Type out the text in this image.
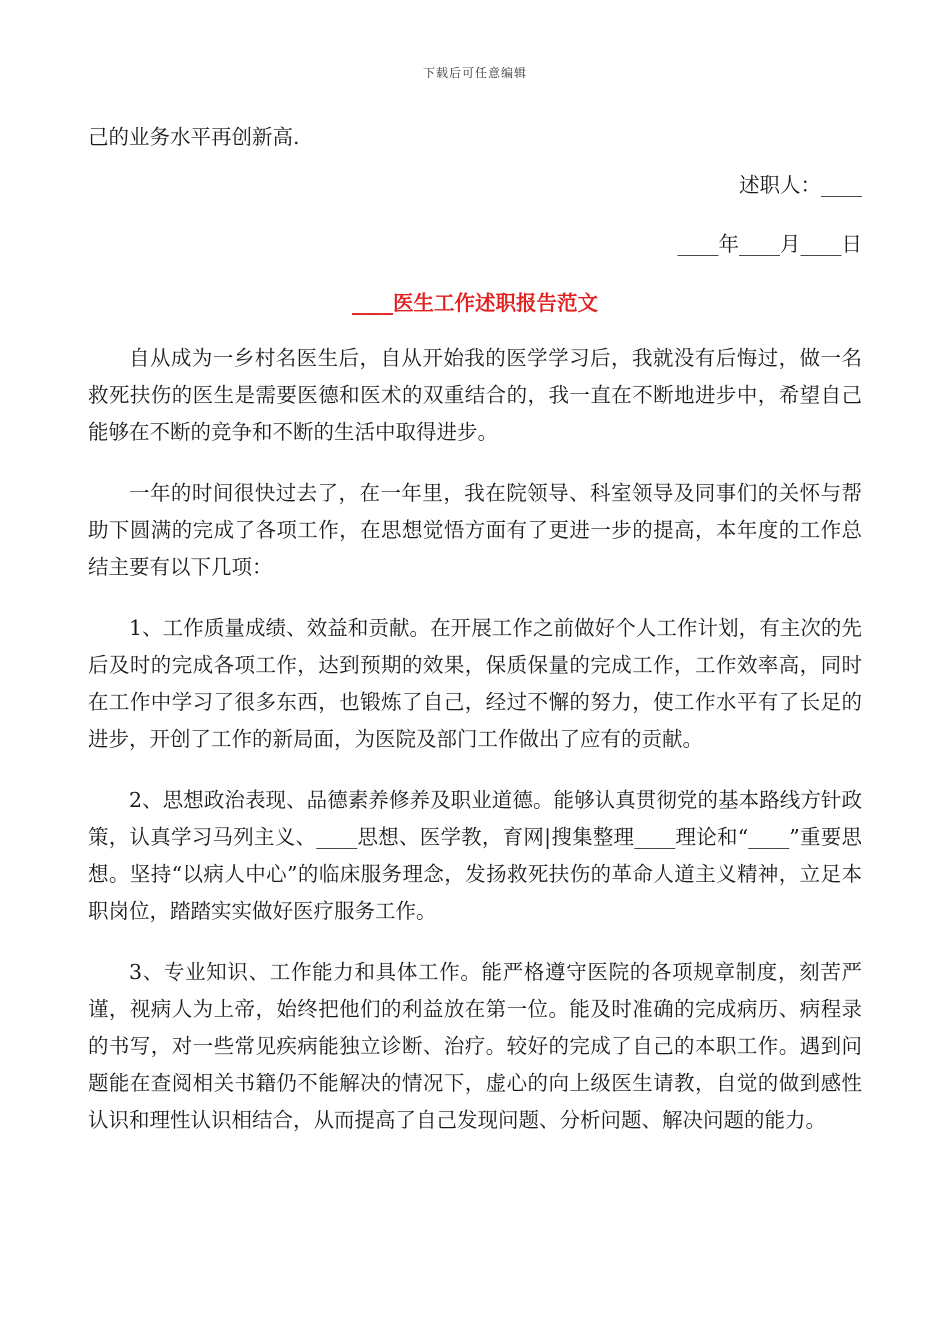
下载后可任意编辑

己的业务水平再创新高.

述职人：____

____年____月____日

____医生工作述职报告范文

自从成为一乡村名医生后，自从开始我的医学学习后，我就没有后悔过，做一名救死扶伤的医生是需要医德和医术的双重结合的，我一直在不断地进步中，希望自己能够在不断的竞争和不断的生活中取得进步。

一年的时间很快过去了，在一年里，我在院领导、科室领导及同事们的关怀与帮助下圆满的完成了各项工作，在思想觉悟方面有了更进一步的提高，本年度的工作总结主要有以下几项：

1、工作质量成绩、效益和贡献。在开展工作之前做好个人工作计划，有主次的先后及时的完成各项工作，达到预期的效果，保质保量的完成工作，工作效率高，同时在工作中学习了很多东西，也锻炼了自己，经过不懈的努力，使工作水平有了长足的进步，开创了工作的新局面，为医院及部门工作做出了应有的贡献。

2、思想政治表现、品德素养修养及职业道德。能够认真贯彻党的基本路线方针政策，认真学习马列主义、____思想、医学教，育网|搜集整理____理论和“____”重要思想。坚持“以病人中心”的临床服务理念，发扬救死扶伤的革命人道主义精神，立足本职岗位，踏踏实实做好医疗服务工作。

3、专业知识、工作能力和具体工作。能严格遵守医院的各项规章制度，刻苦严谨，视病人为上帝，始终把他们的利益放在第一位。能及时准确的完成病历、病程录的书写，对一些常见疾病能独立诊断、治疗。较好的完成了自己的本职工作。遇到问题能在查阅相关书籍仍不能解决的情况下，虚心的向上级医生请教，自觉的做到感性认识和理性认识相结合，从而提高了自己发现问题、分析问题、解决问题的能力。
